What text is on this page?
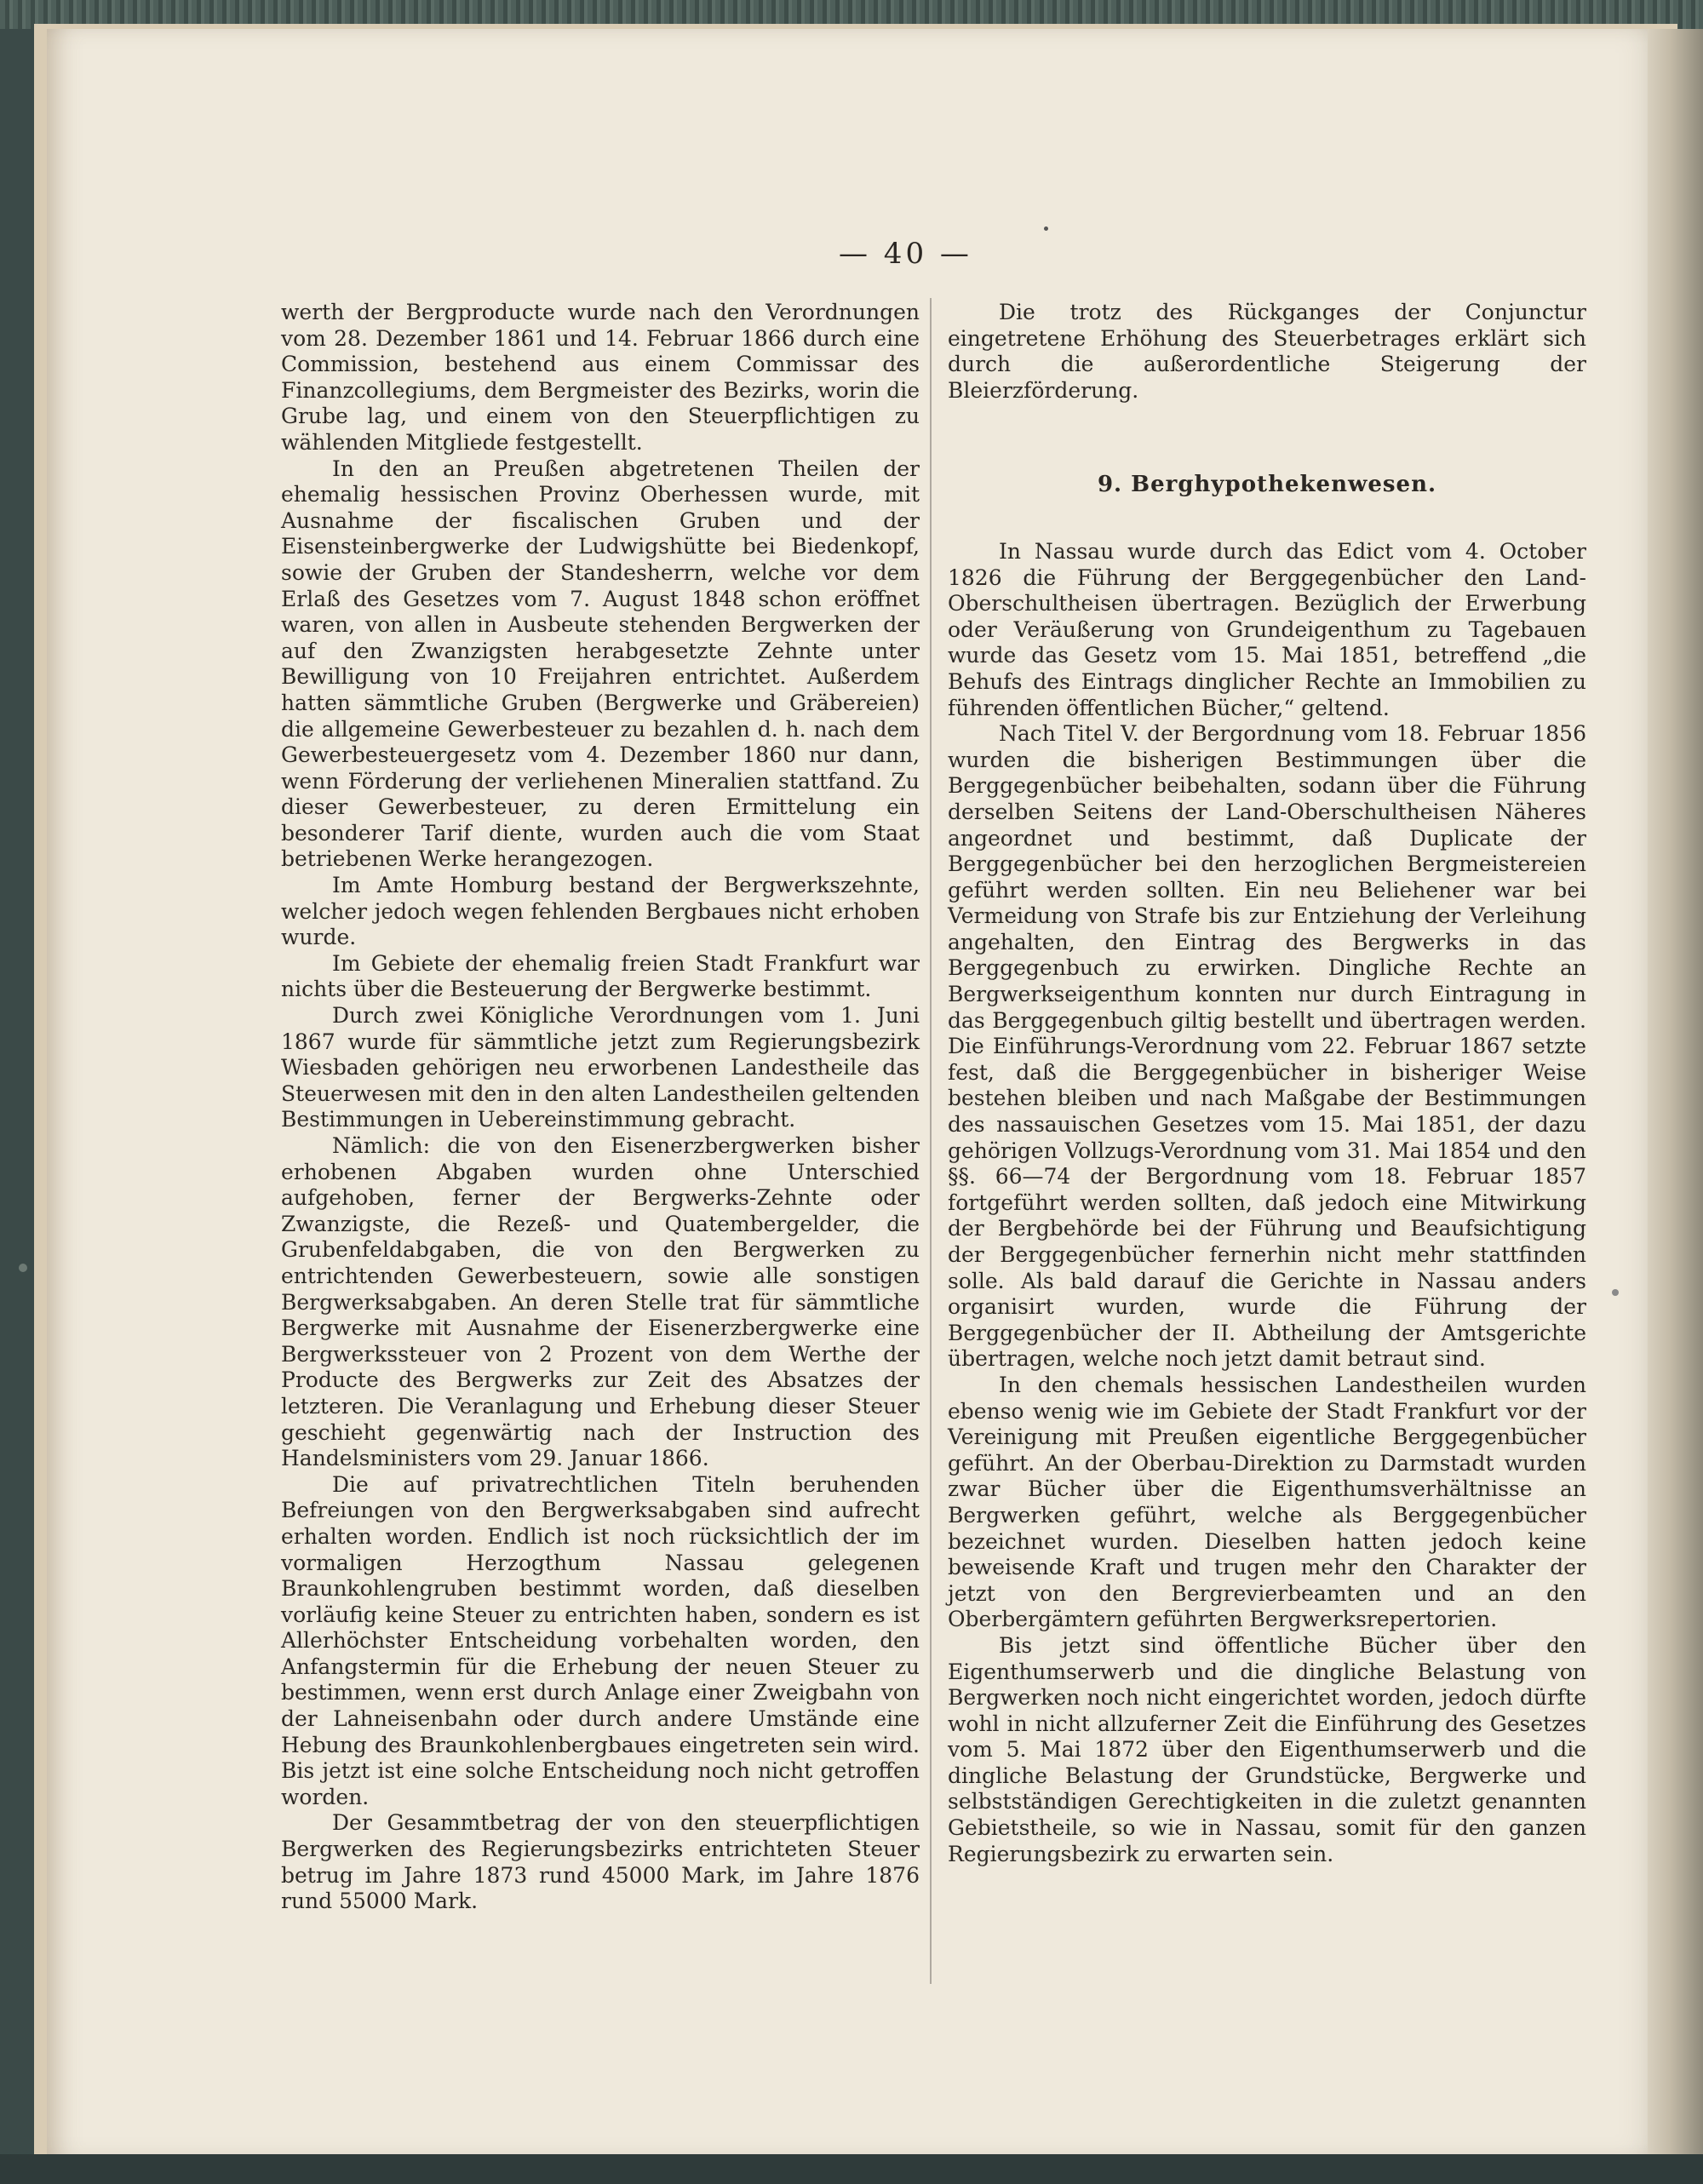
— 40 —

werth der Bergproducte wurde nach den Verordnungen vom 28. Dezember 1861 und 14. Februar 1866 durch eine Commission, bestehend aus einem Commissar des Finanzcollegiums, dem Bergmeister des Bezirks, worin die Grube lag, und einem von den Steuerpflichtigen zu wählenden Mitgliede festgestellt.

In den an Preußen abgetretenen Theilen der ehemalig hessischen Provinz Oberhessen wurde, mit Ausnahme der fiscalischen Gruben und der Eisensteinbergwerke der Ludwigshütte bei Biedenkopf, sowie der Gruben der Standesherrn, welche vor dem Erlaß des Gesetzes vom 7. August 1848 schon eröffnet waren, von allen in Ausbeute stehenden Bergwerken der auf den Zwanzigsten herabgesetzte Zehnte unter Bewilligung von 10 Freijahren entrichtet. Außerdem hatten sämmtliche Gruben (Bergwerke und Gräbereien) die allgemeine Gewerbesteuer zu bezahlen d. h. nach dem Gewerbesteuergesetz vom 4. Dezember 1860 nur dann, wenn Förderung der verliehenen Mineralien stattfand. Zu dieser Gewerbesteuer, zu deren Ermittelung ein besonderer Tarif diente, wurden auch die vom Staat betriebenen Werke herangezogen.

Im Amte Homburg bestand der Bergwerkszehnte, welcher jedoch wegen fehlenden Bergbaues nicht erhoben wurde.

Im Gebiete der ehemalig freien Stadt Frankfurt war nichts über die Besteuerung der Bergwerke bestimmt.

Durch zwei Königliche Verordnungen vom 1. Juni 1867 wurde für sämmtliche jetzt zum Regierungsbezirk Wiesbaden gehörigen neu erworbenen Landestheile das Steuerwesen mit den in den alten Landestheilen geltenden Bestimmungen in Uebereinstimmung gebracht.

Nämlich: die von den Eisenerzbergwerken bisher erhobenen Abgaben wurden ohne Unterschied aufgehoben, ferner der Bergwerks-Zehnte oder Zwanzigste, die Rezeß- und Quatembergelder, die Grubenfeldabgaben, die von den Bergwerken zu entrichtenden Gewerbesteuern, sowie alle sonstigen Bergwerksabgaben. An deren Stelle trat für sämmtliche Bergwerke mit Ausnahme der Eisenerzbergwerke eine Bergwerkssteuer von 2 Prozent von dem Werthe der Producte des Bergwerks zur Zeit des Absatzes der letzteren. Die Veranlagung und Erhebung dieser Steuer geschieht gegenwärtig nach der Instruction des Handelsministers vom 29. Januar 1866.

Die auf privatrechtlichen Titeln beruhenden Befreiungen von den Bergwerksabgaben sind aufrecht erhalten worden. Endlich ist noch rücksichtlich der im vormaligen Herzogthum Nassau gelegenen Braunkohlengruben bestimmt worden, daß dieselben vorläufig keine Steuer zu entrichten haben, sondern es ist Allerhöchster Entscheidung vorbehalten worden, den Anfangstermin für die Erhebung der neuen Steuer zu bestimmen, wenn erst durch Anlage einer Zweigbahn von der Lahneisenbahn oder durch andere Umstände eine Hebung des Braunkohlenbergbaues eingetreten sein wird. Bis jetzt ist eine solche Entscheidung noch nicht getroffen worden.

Der Gesammtbetrag der von den steuerpflichtigen Bergwerken des Regierungsbezirks entrichteten Steuer betrug im Jahre 1873 rund 45000 Mark, im Jahre 1876 rund 55000 Mark.

Die trotz des Rückganges der Conjunctur eingetretene Erhöhung des Steuerbetrages erklärt sich durch die außerordentliche Steigerung der Bleierzförderung.

9. Berghypothekenwesen.

In Nassau wurde durch das Edict vom 4. October 1826 die Führung der Berggegenbücher den Land-Oberschultheisen übertragen. Bezüglich der Erwerbung oder Veräußerung von Grundeigenthum zu Tagebauen wurde das Gesetz vom 15. Mai 1851, betreffend „die Behufs des Eintrags dinglicher Rechte an Immobilien zu führenden öffentlichen Bücher,“ geltend.

Nach Titel V. der Bergordnung vom 18. Februar 1856 wurden die bisherigen Bestimmungen über die Berggegenbücher beibehalten, sodann über die Führung derselben Seitens der Land-Oberschultheisen Näheres angeordnet und bestimmt, daß Duplicate der Berggegenbücher bei den herzoglichen Bergmeistereien geführt werden sollten. Ein neu Beliehener war bei Vermeidung von Strafe bis zur Entziehung der Verleihung angehalten, den Eintrag des Bergwerks in das Berggegenbuch zu erwirken. Dingliche Rechte an Bergwerkseigenthum konnten nur durch Eintragung in das Berggegenbuch giltig bestellt und übertragen werden. Die Einführungs-Verordnung vom 22. Februar 1867 setzte fest, daß die Berggegenbücher in bisheriger Weise bestehen bleiben und nach Maßgabe der Bestimmungen des nassauischen Gesetzes vom 15. Mai 1851, der dazu gehörigen Vollzugs-Verordnung vom 31. Mai 1854 und den §§. 66—74 der Bergordnung vom 18. Februar 1857 fortgeführt werden sollten, daß jedoch eine Mitwirkung der Bergbehörde bei der Führung und Beaufsichtigung der Berggegenbücher fernerhin nicht mehr stattfinden solle. Als bald darauf die Gerichte in Nassau anders organisirt wurden, wurde die Führung der Berggegenbücher der II. Abtheilung der Amtsgerichte übertragen, welche noch jetzt damit betraut sind.

In den chemals hessischen Landestheilen wurden ebenso wenig wie im Gebiete der Stadt Frankfurt vor der Vereinigung mit Preußen eigentliche Berggegenbücher geführt. An der Oberbau-Direktion zu Darmstadt wurden zwar Bücher über die Eigenthumsverhältnisse an Bergwerken geführt, welche als Berggegenbücher bezeichnet wurden. Dieselben hatten jedoch keine beweisende Kraft und trugen mehr den Charakter der jetzt von den Bergrevierbeamten und an den Oberbergämtern geführten Bergwerksrepertorien.

Bis jetzt sind öffentliche Bücher über den Eigenthumserwerb und die dingliche Belastung von Bergwerken noch nicht eingerichtet worden, jedoch dürfte wohl in nicht allzuferner Zeit die Einführung des Gesetzes vom 5. Mai 1872 über den Eigenthumserwerb und die dingliche Belastung der Grundstücke, Bergwerke und selbstständigen Gerechtigkeiten in die zuletzt genannten Gebietstheile, so wie in Nassau, somit für den ganzen Regierungsbezirk zu erwarten sein.
